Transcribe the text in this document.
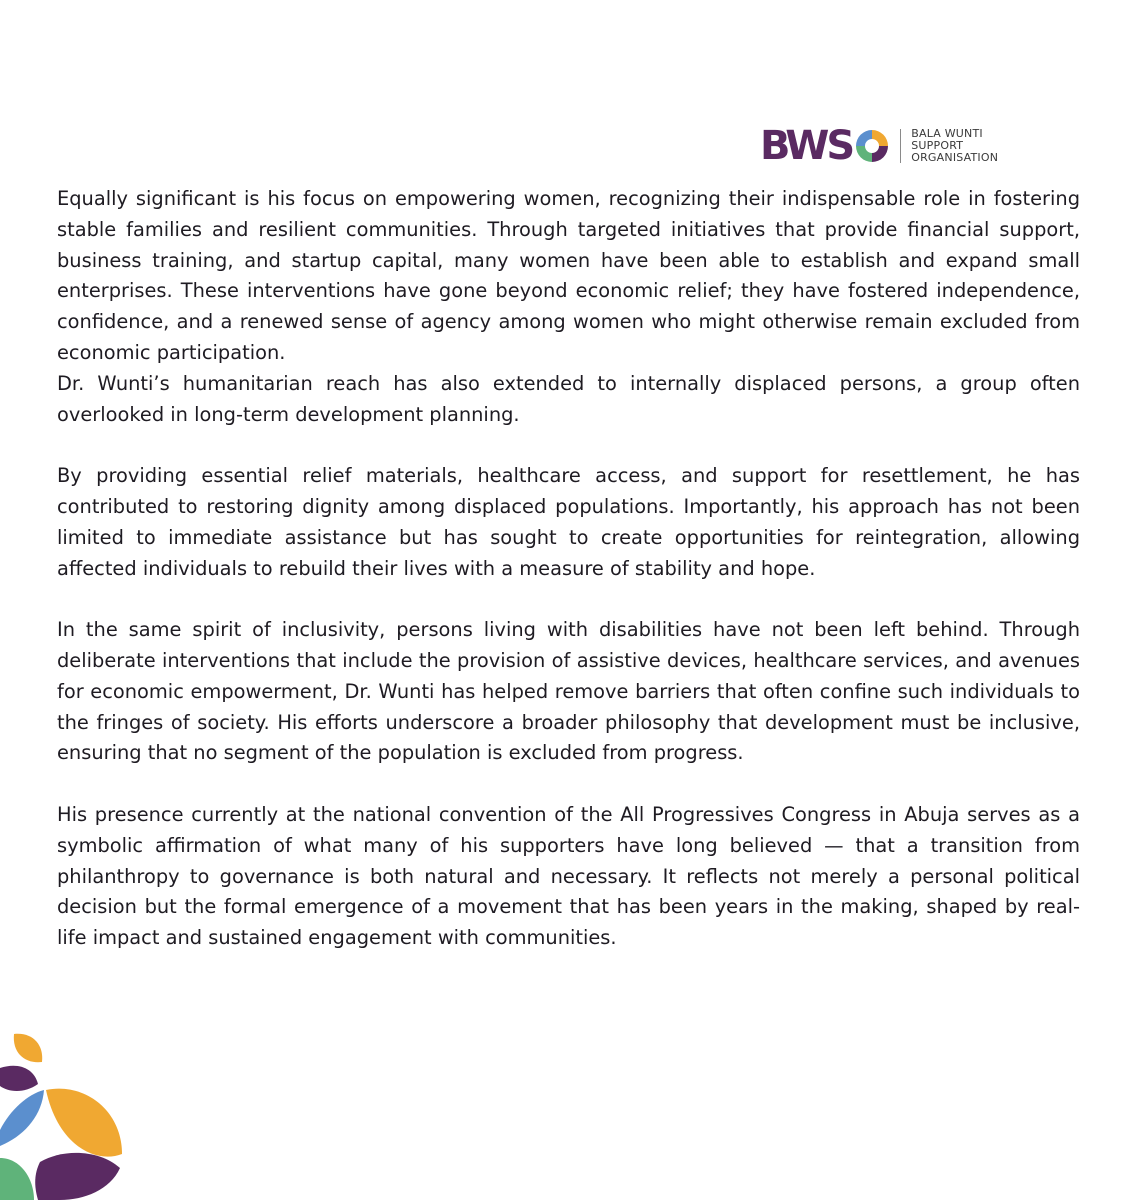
BWS	BALA WUNTI
SUPPORT
ORGANISATION

Equally significant is his focus on empowering women, recognizing their indispensable role in fostering stable families and resilient communities. Through targeted initiatives that provide financial support, business training, and startup capital, many women have been able to establish and expand small enterprises. These interventions have gone beyond economic relief; they have fostered independence, confidence, and a renewed sense of agency among women who might otherwise remain excluded from economic participation.

Dr. Wunti’s humanitarian reach has also extended to internally displaced persons, a group often overlooked in long-term development planning.

By providing essential relief materials, healthcare access, and support for resettlement, he has contributed to restoring dignity among displaced populations. Importantly, his approach has not been limited to immediate assistance but has sought to create opportunities for reintegration, allowing affected individuals to rebuild their lives with a measure of stability and hope.

In the same spirit of inclusivity, persons living with disabilities have not been left behind. Through deliberate interventions that include the provision of assistive devices, healthcare services, and avenues for economic empowerment, Dr. Wunti has helped remove barriers that often confine such individuals to the fringes of society. His efforts underscore a broader philosophy that development must be inclusive, ensuring that no segment of the population is excluded from progress.

His presence currently at the national convention of the All Progressives Congress in Abuja serves as a symbolic affirmation of what many of his supporters have long believed — that a transition from philanthropy to governance is both natural and necessary. It reflects not merely a personal political decision but the formal emergence of a movement that has been years in the making, shaped by real-life impact and sustained engagement with communities.
